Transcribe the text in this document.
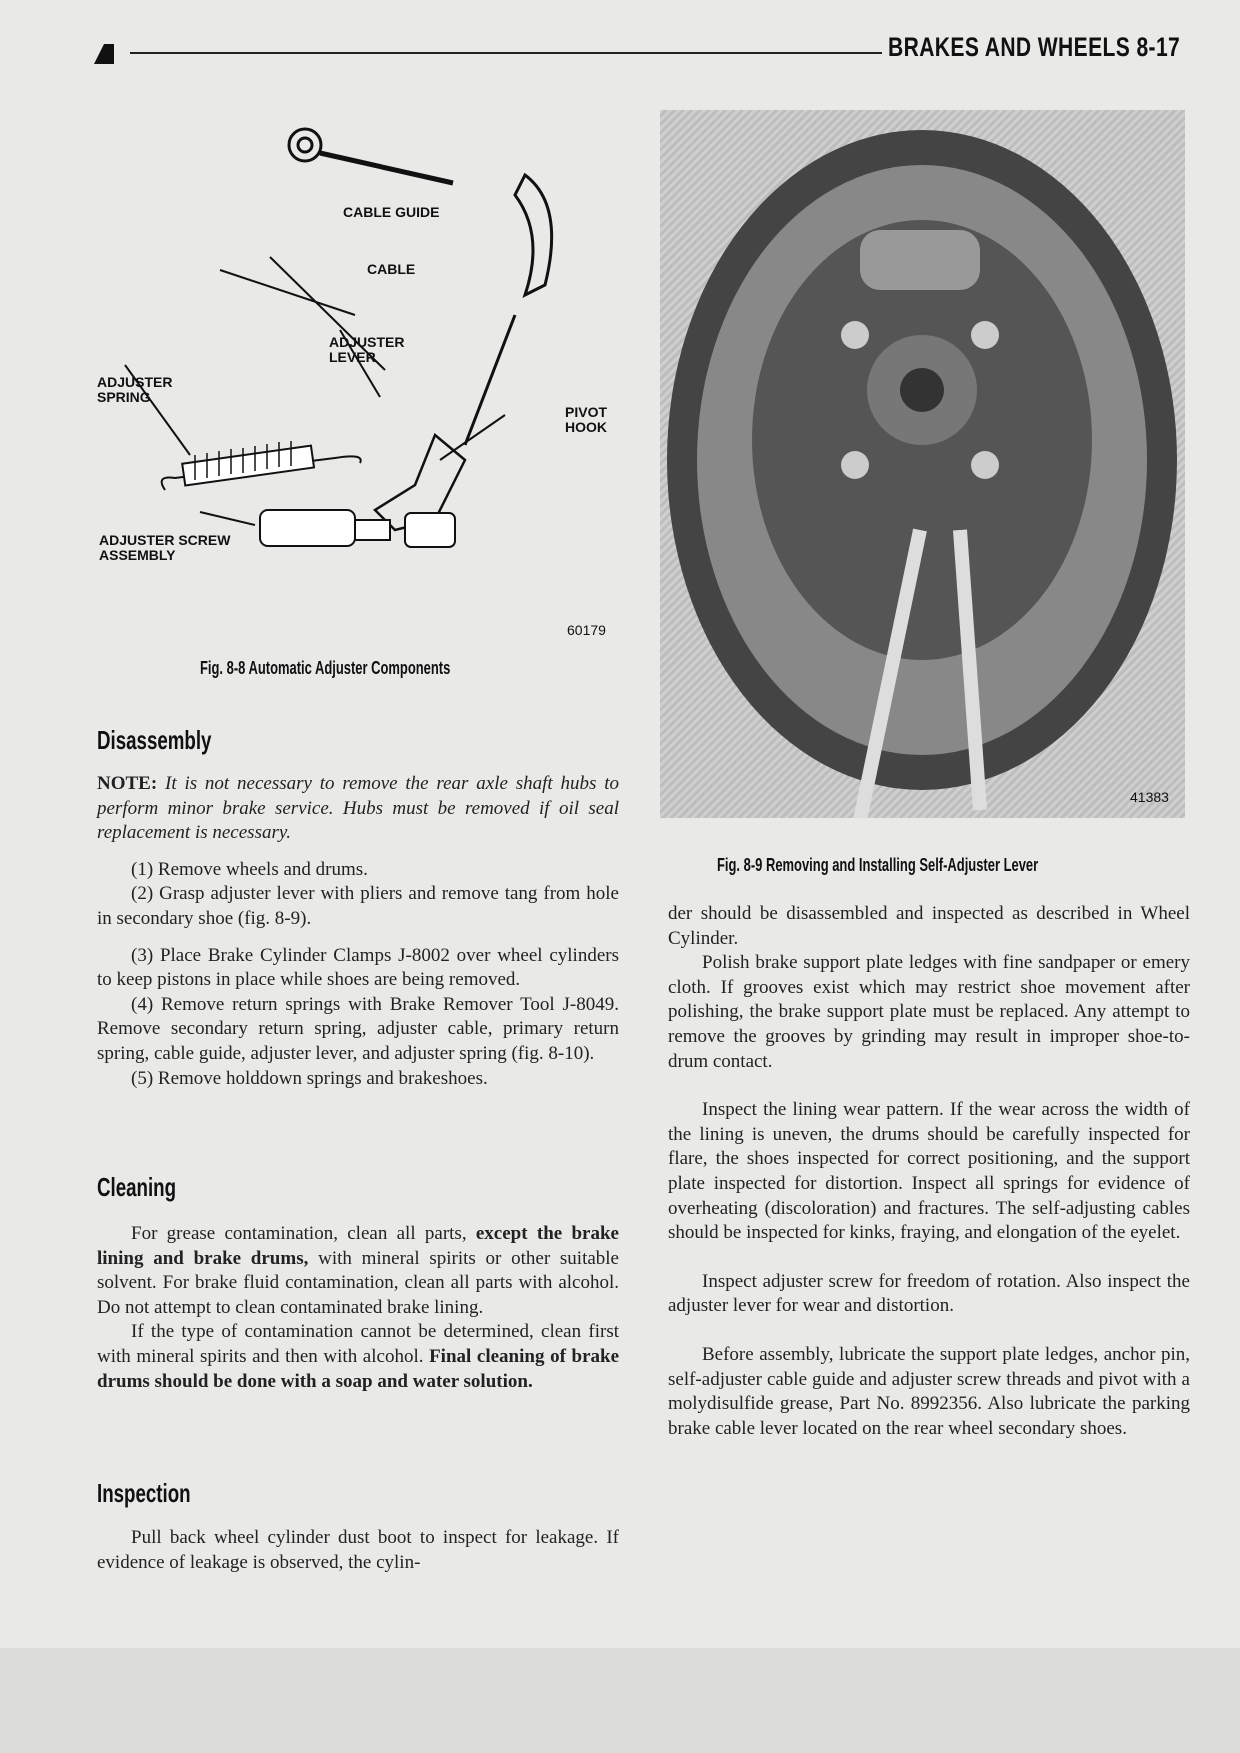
BRAKES AND WHEELS 8-17
CABLE GUIDE
CABLE
ADJUSTER
LEVER
ADJUSTER
SPRING
PIVOT
HOOK
ADJUSTER SCREW
ASSEMBLY
60179
Fig. 8-8 Automatic Adjuster Components
41383
Fig. 8-9 Removing and Installing Self-Adjuster Lever
Disassembly

NOTE: It is not necessary to remove the rear axle shaft hubs to perform minor brake service. Hubs must be removed if oil seal replacement is necessary.

(1) Remove wheels and drums.

(2) Grasp adjuster lever with pliers and remove tang from hole in secondary shoe (fig. 8-9).

(3) Place Brake Cylinder Clamps J-8002 over wheel cylinders to keep pistons in place while shoes are being removed.

(4) Remove return springs with Brake Remover Tool J-8049. Remove secondary return spring, adjuster cable, primary return spring, cable guide, adjuster lever, and adjuster spring (fig. 8-10).

(5) Remove holddown springs and brakeshoes.

Cleaning

For grease contamination, clean all parts, except the brake lining and brake drums, with mineral spirits or other suitable solvent. For brake fluid contamination, clean all parts with alcohol. Do not attempt to clean contaminated brake lining.

If the type of contamination cannot be determined, clean first with mineral spirits and then with alcohol. Final cleaning of brake drums should be done with a soap and water solution.

Inspection

Pull back wheel cylinder dust boot to inspect for leakage. If evidence of leakage is observed, the cylin-

der should be disassembled and inspected as described in Wheel Cylinder.

Polish brake support plate ledges with fine sandpaper or emery cloth. If grooves exist which may restrict shoe movement after polishing, the brake support plate must be replaced. Any attempt to remove the grooves by grinding may result in improper shoe-to-drum contact.

Inspect the lining wear pattern. If the wear across the width of the lining is uneven, the drums should be carefully inspected for flare, the shoes inspected for correct positioning, and the support plate inspected for distortion. Inspect all springs for evidence of overheating (discoloration) and fractures. The self-adjusting cables should be inspected for kinks, fraying, and elongation of the eyelet.

Inspect adjuster screw for freedom of rotation. Also inspect the adjuster lever for wear and distortion.

Before assembly, lubricate the support plate ledges, anchor pin, self-adjuster cable guide and adjuster screw threads and pivot with a molydisulfide grease, Part No. 8992356. Also lubricate the parking brake cable lever located on the rear wheel secondary shoes.
